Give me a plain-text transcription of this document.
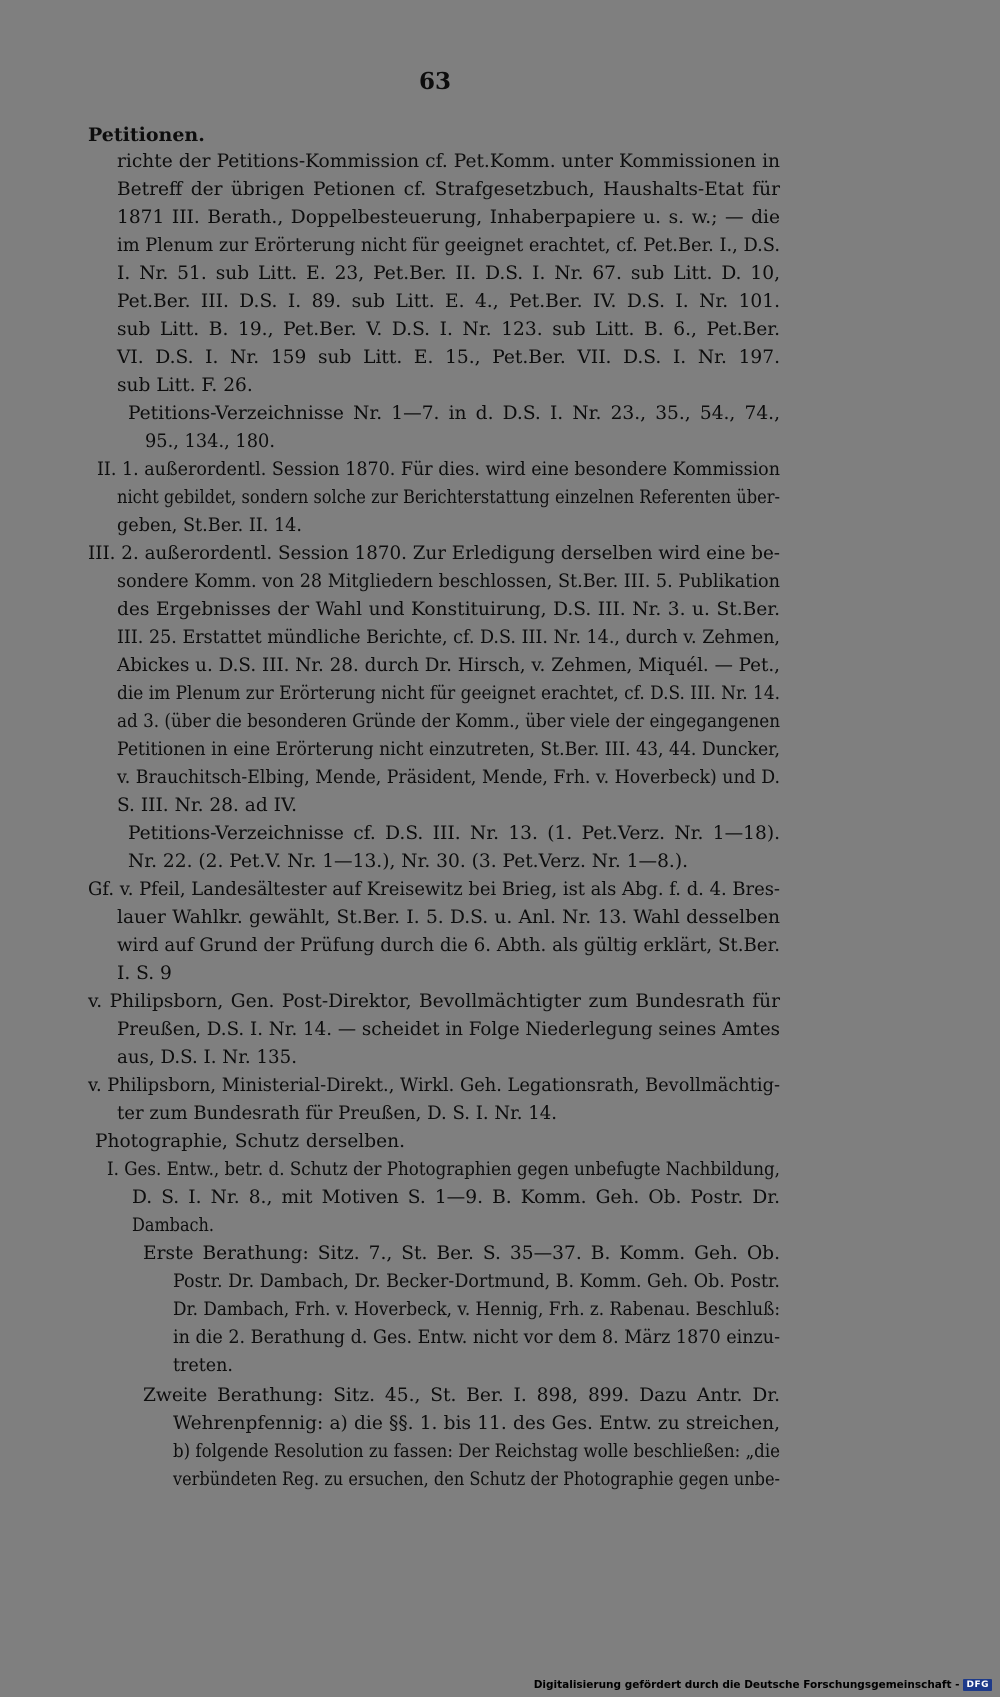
63
Petitionen.
richte der Petitions-Kommission cf. Pet.Komm. unter Kommissionen in
Betreff der übrigen Petionen cf. Strafgesetzbuch, Haushalts-Etat für
1871 III. Berath., Doppelbesteuerung, Inhaberpapiere u. s. w.; — die
im Plenum zur Erörterung nicht für geeignet erachtet, cf. Pet.Ber. I., D.S.
I. Nr. 51. sub Litt. E. 23, Pet.Ber. II. D.S. I. Nr. 67. sub Litt. D. 10,
Pet.Ber. III. D.S. I. 89. sub Litt. E. 4., Pet.Ber. IV. D.S. I. Nr. 101.
sub Litt. B. 19., Pet.Ber. V. D.S. I. Nr. 123. sub Litt. B. 6., Pet.Ber.
VI. D.S. I. Nr. 159 sub Litt. E. 15., Pet.Ber. VII. D.S. I. Nr. 197.
sub Litt. F. 26.
Petitions-Verzeichnisse Nr. 1—7. in d. D.S. I. Nr. 23., 35., 54., 74.,
95., 134., 180.
II. 1. außerordentl. Session 1870. Für dies. wird eine besondere Kommission
nicht gebildet, sondern solche zur Berichterstattung einzelnen Referenten über-
geben, St.Ber. II. 14.
III. 2. außerordentl. Session 1870. Zur Erledigung derselben wird eine be-
sondere Komm. von 28 Mitgliedern beschlossen, St.Ber. III. 5. Publikation
des Ergebnisses der Wahl und Konstituirung, D.S. III. Nr. 3. u. St.Ber.
III. 25. Erstattet mündliche Berichte, cf. D.S. III. Nr. 14., durch v. Zehmen,
Abickes u. D.S. III. Nr. 28. durch Dr. Hirsch, v. Zehmen, Miquél. — Pet.,
die im Plenum zur Erörterung nicht für geeignet erachtet, cf. D.S. III. Nr. 14.
ad 3. (über die besonderen Gründe der Komm., über viele der eingegangenen
Petitionen in eine Erörterung nicht einzutreten, St.Ber. III. 43, 44. Duncker,
v. Brauchitsch-Elbing, Mende, Präsident, Mende, Frh. v. Hoverbeck) und D.
S. III. Nr. 28. ad IV.
Petitions-Verzeichnisse cf. D.S. III. Nr. 13. (1. Pet.Verz. Nr. 1—18).
Nr. 22. (2. Pet.V. Nr. 1—13.), Nr. 30. (3. Pet.Verz. Nr. 1—8.).
Gf. v. Pfeil, Landesältester auf Kreisewitz bei Brieg, ist als Abg. f. d. 4. Bres-
lauer Wahlkr. gewählt, St.Ber. I. 5. D.S. u. Anl. Nr. 13. Wahl desselben
wird auf Grund der Prüfung durch die 6. Abth. als gültig erklärt, St.Ber.
I. S. 9
v. Philipsborn, Gen. Post-Direktor, Bevollmächtigter zum Bundesrath für
Preußen, D.S. I. Nr. 14. — scheidet in Folge Niederlegung seines Amtes
aus, D.S. I. Nr. 135.
v. Philipsborn, Ministerial-Direkt., Wirkl. Geh. Legationsrath, Bevollmächtig-
ter zum Bundesrath für Preußen, D. S. I. Nr. 14.
Photographie, Schutz derselben.
I. Ges. Entw., betr. d. Schutz der Photographien gegen unbefugte Nachbildung,
D. S. I. Nr. 8., mit Motiven S. 1—9. B. Komm. Geh. Ob. Postr. Dr.
Dambach.
Erste Berathung: Sitz. 7., St. Ber. S. 35—37. B. Komm. Geh. Ob.
Postr. Dr. Dambach, Dr. Becker-Dortmund, B. Komm. Geh. Ob. Postr.
Dr. Dambach, Frh. v. Hoverbeck, v. Hennig, Frh. z. Rabenau. Beschluß:
in die 2. Berathung d. Ges. Entw. nicht vor dem 8. März 1870 einzu-
treten.
Zweite Berathung: Sitz. 45., St. Ber. I. 898, 899. Dazu Antr. Dr.
Wehrenpfennig: a) die §§. 1. bis 11. des Ges. Entw. zu streichen,
b) folgende Resolution zu fassen: Der Reichstag wolle beschließen: „die
verbündeten Reg. zu ersuchen, den Schutz der Photographie gegen unbe-
Digitalisierung gefördert durch die Deutsche Forschungsgemeinschaft - DFG
